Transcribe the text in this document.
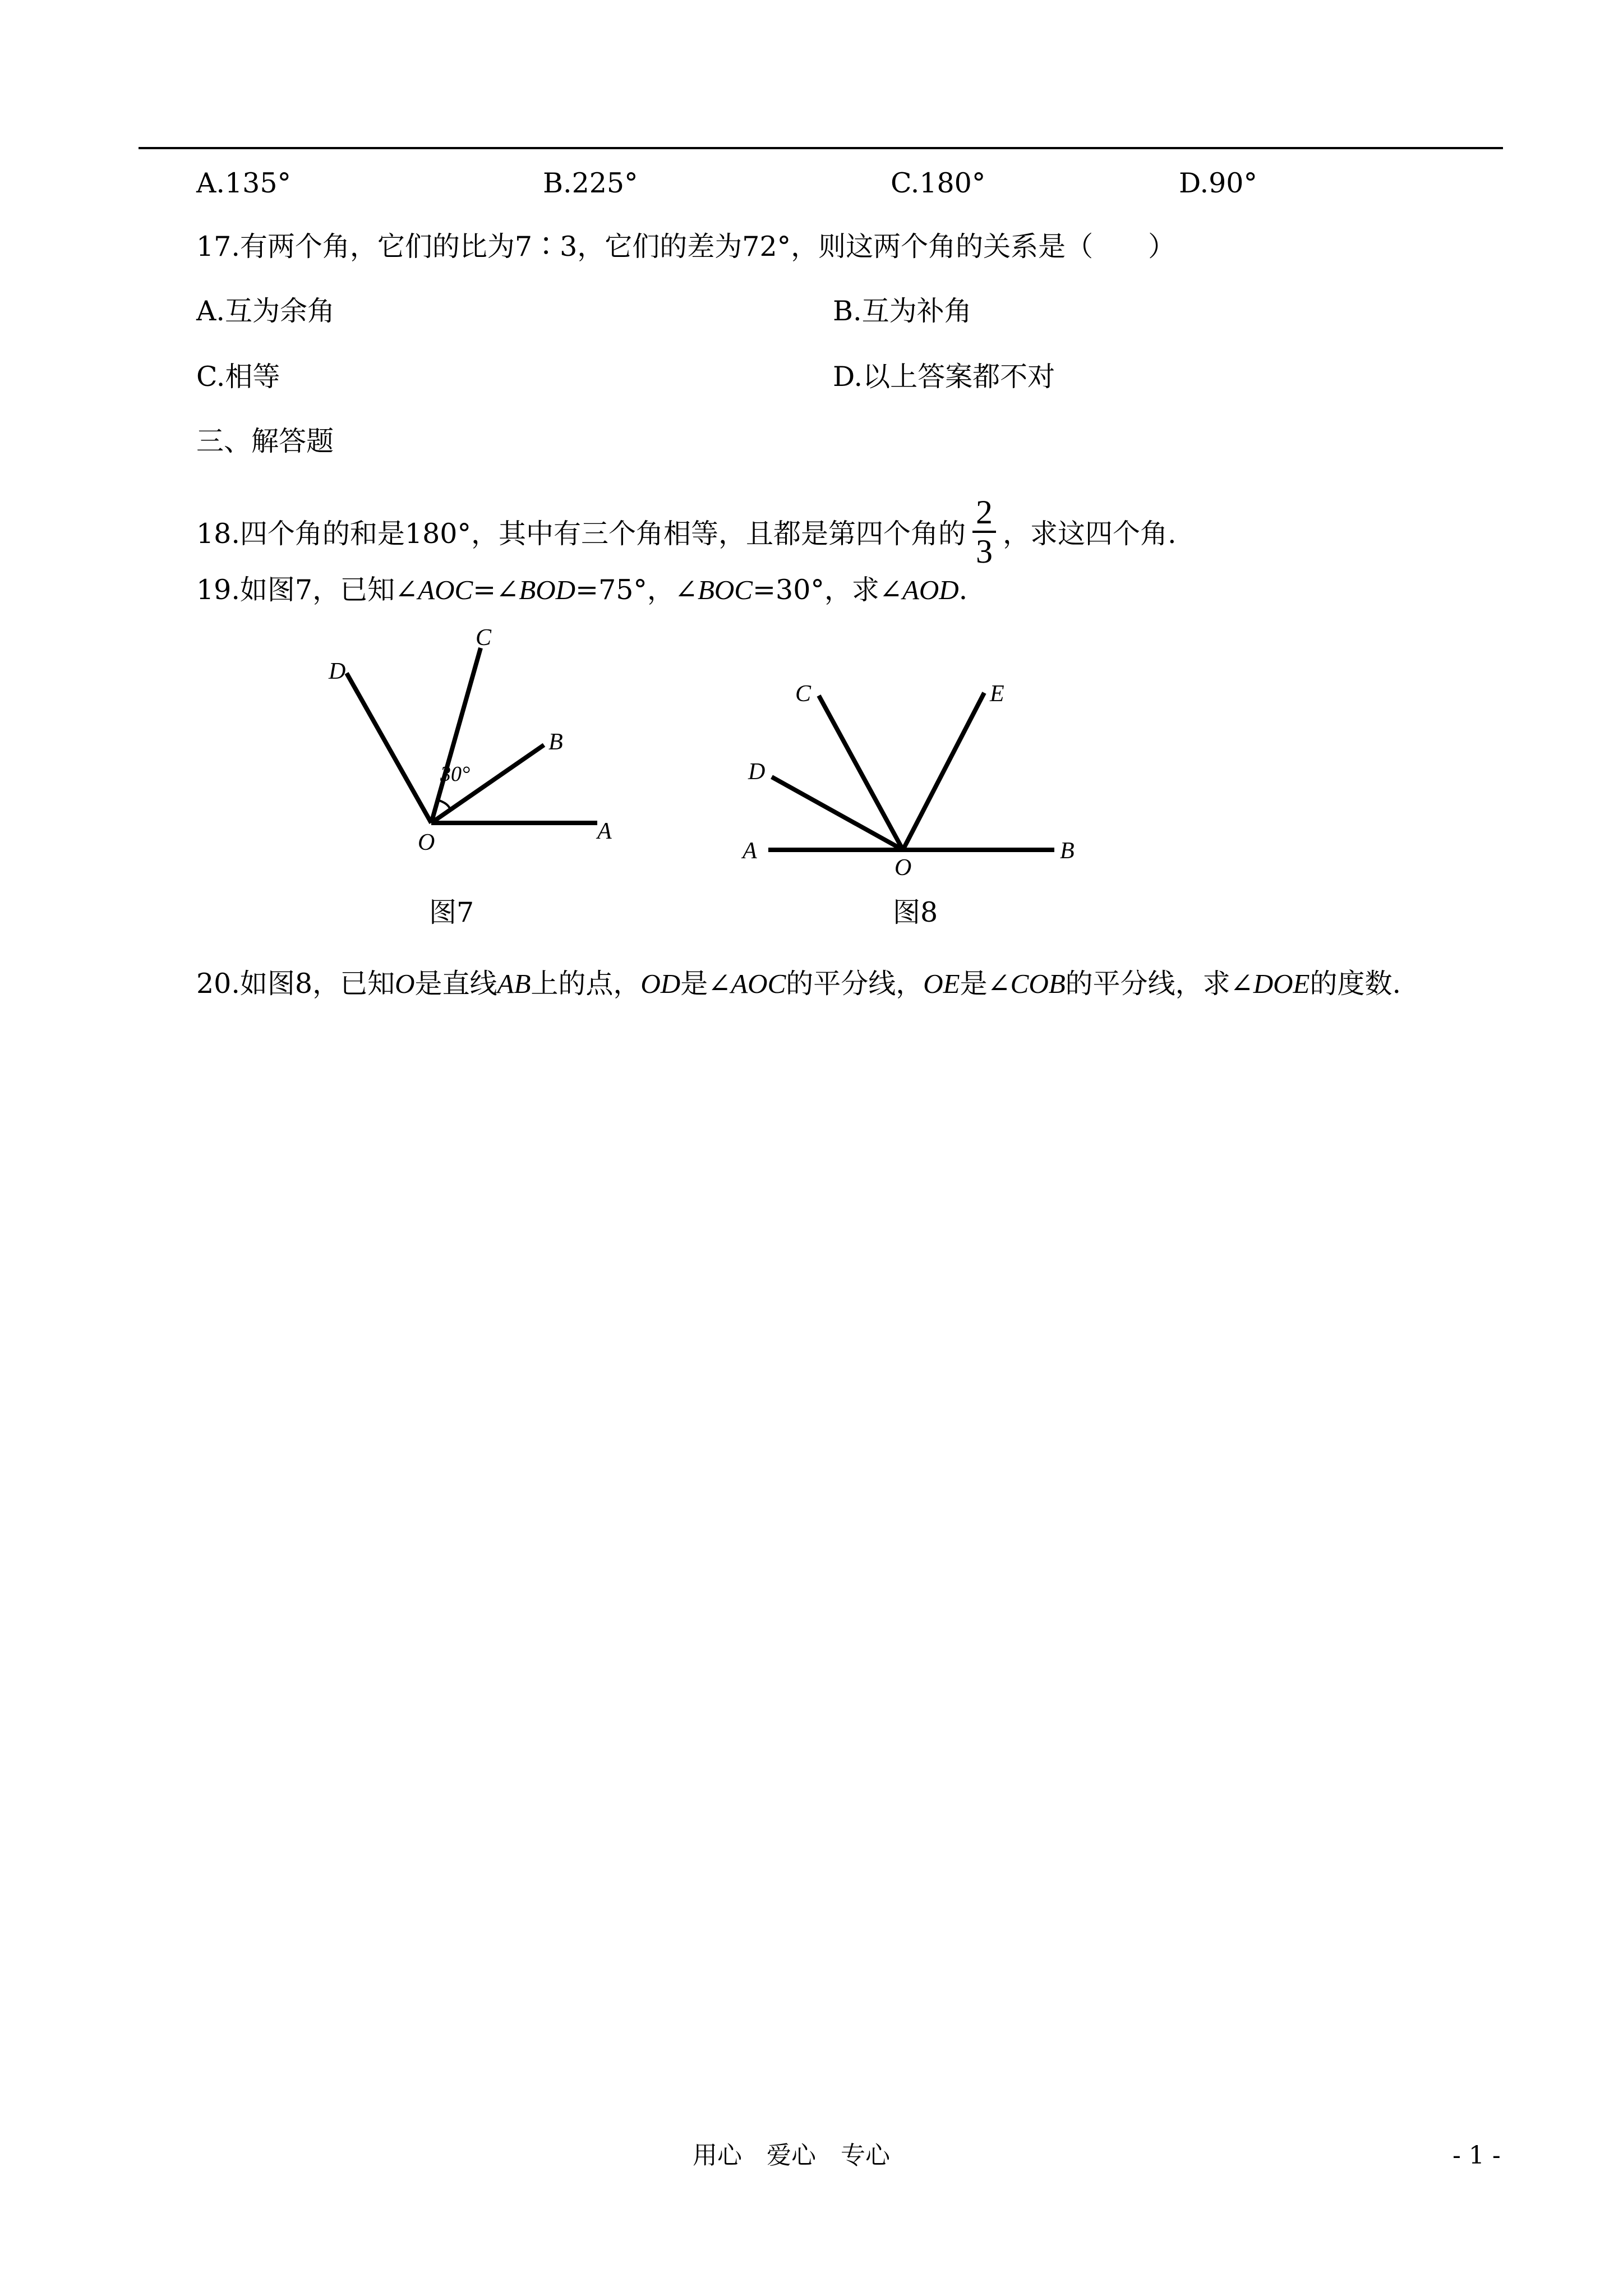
A.135°	B.225°	C.180°	D.90°
17.有两个角，它们的比为7∶3，它们的差为72°，则这两个角的关系是（　　）
A.互为余角	B.互为补角
C.相等	D.以上答案都不对
三、解答题
18.四个角的和是180°，其中有三个角相等，且都是第四个角的 $\frac{2}{3}$ ，求这四个角.
19.如图7，已知∠AOC=∠BOD=75°，∠BOC=30°，求∠AOD.
30°
D
C
B
O	A
图7
C	E
D
A
O
B
图8
20.如图8，已知O是直线AB上的点，OD是∠AOC的平分线，OE是∠COB的平分线，求∠DOE的度数.
用心　爱心　专心	- 1 -
